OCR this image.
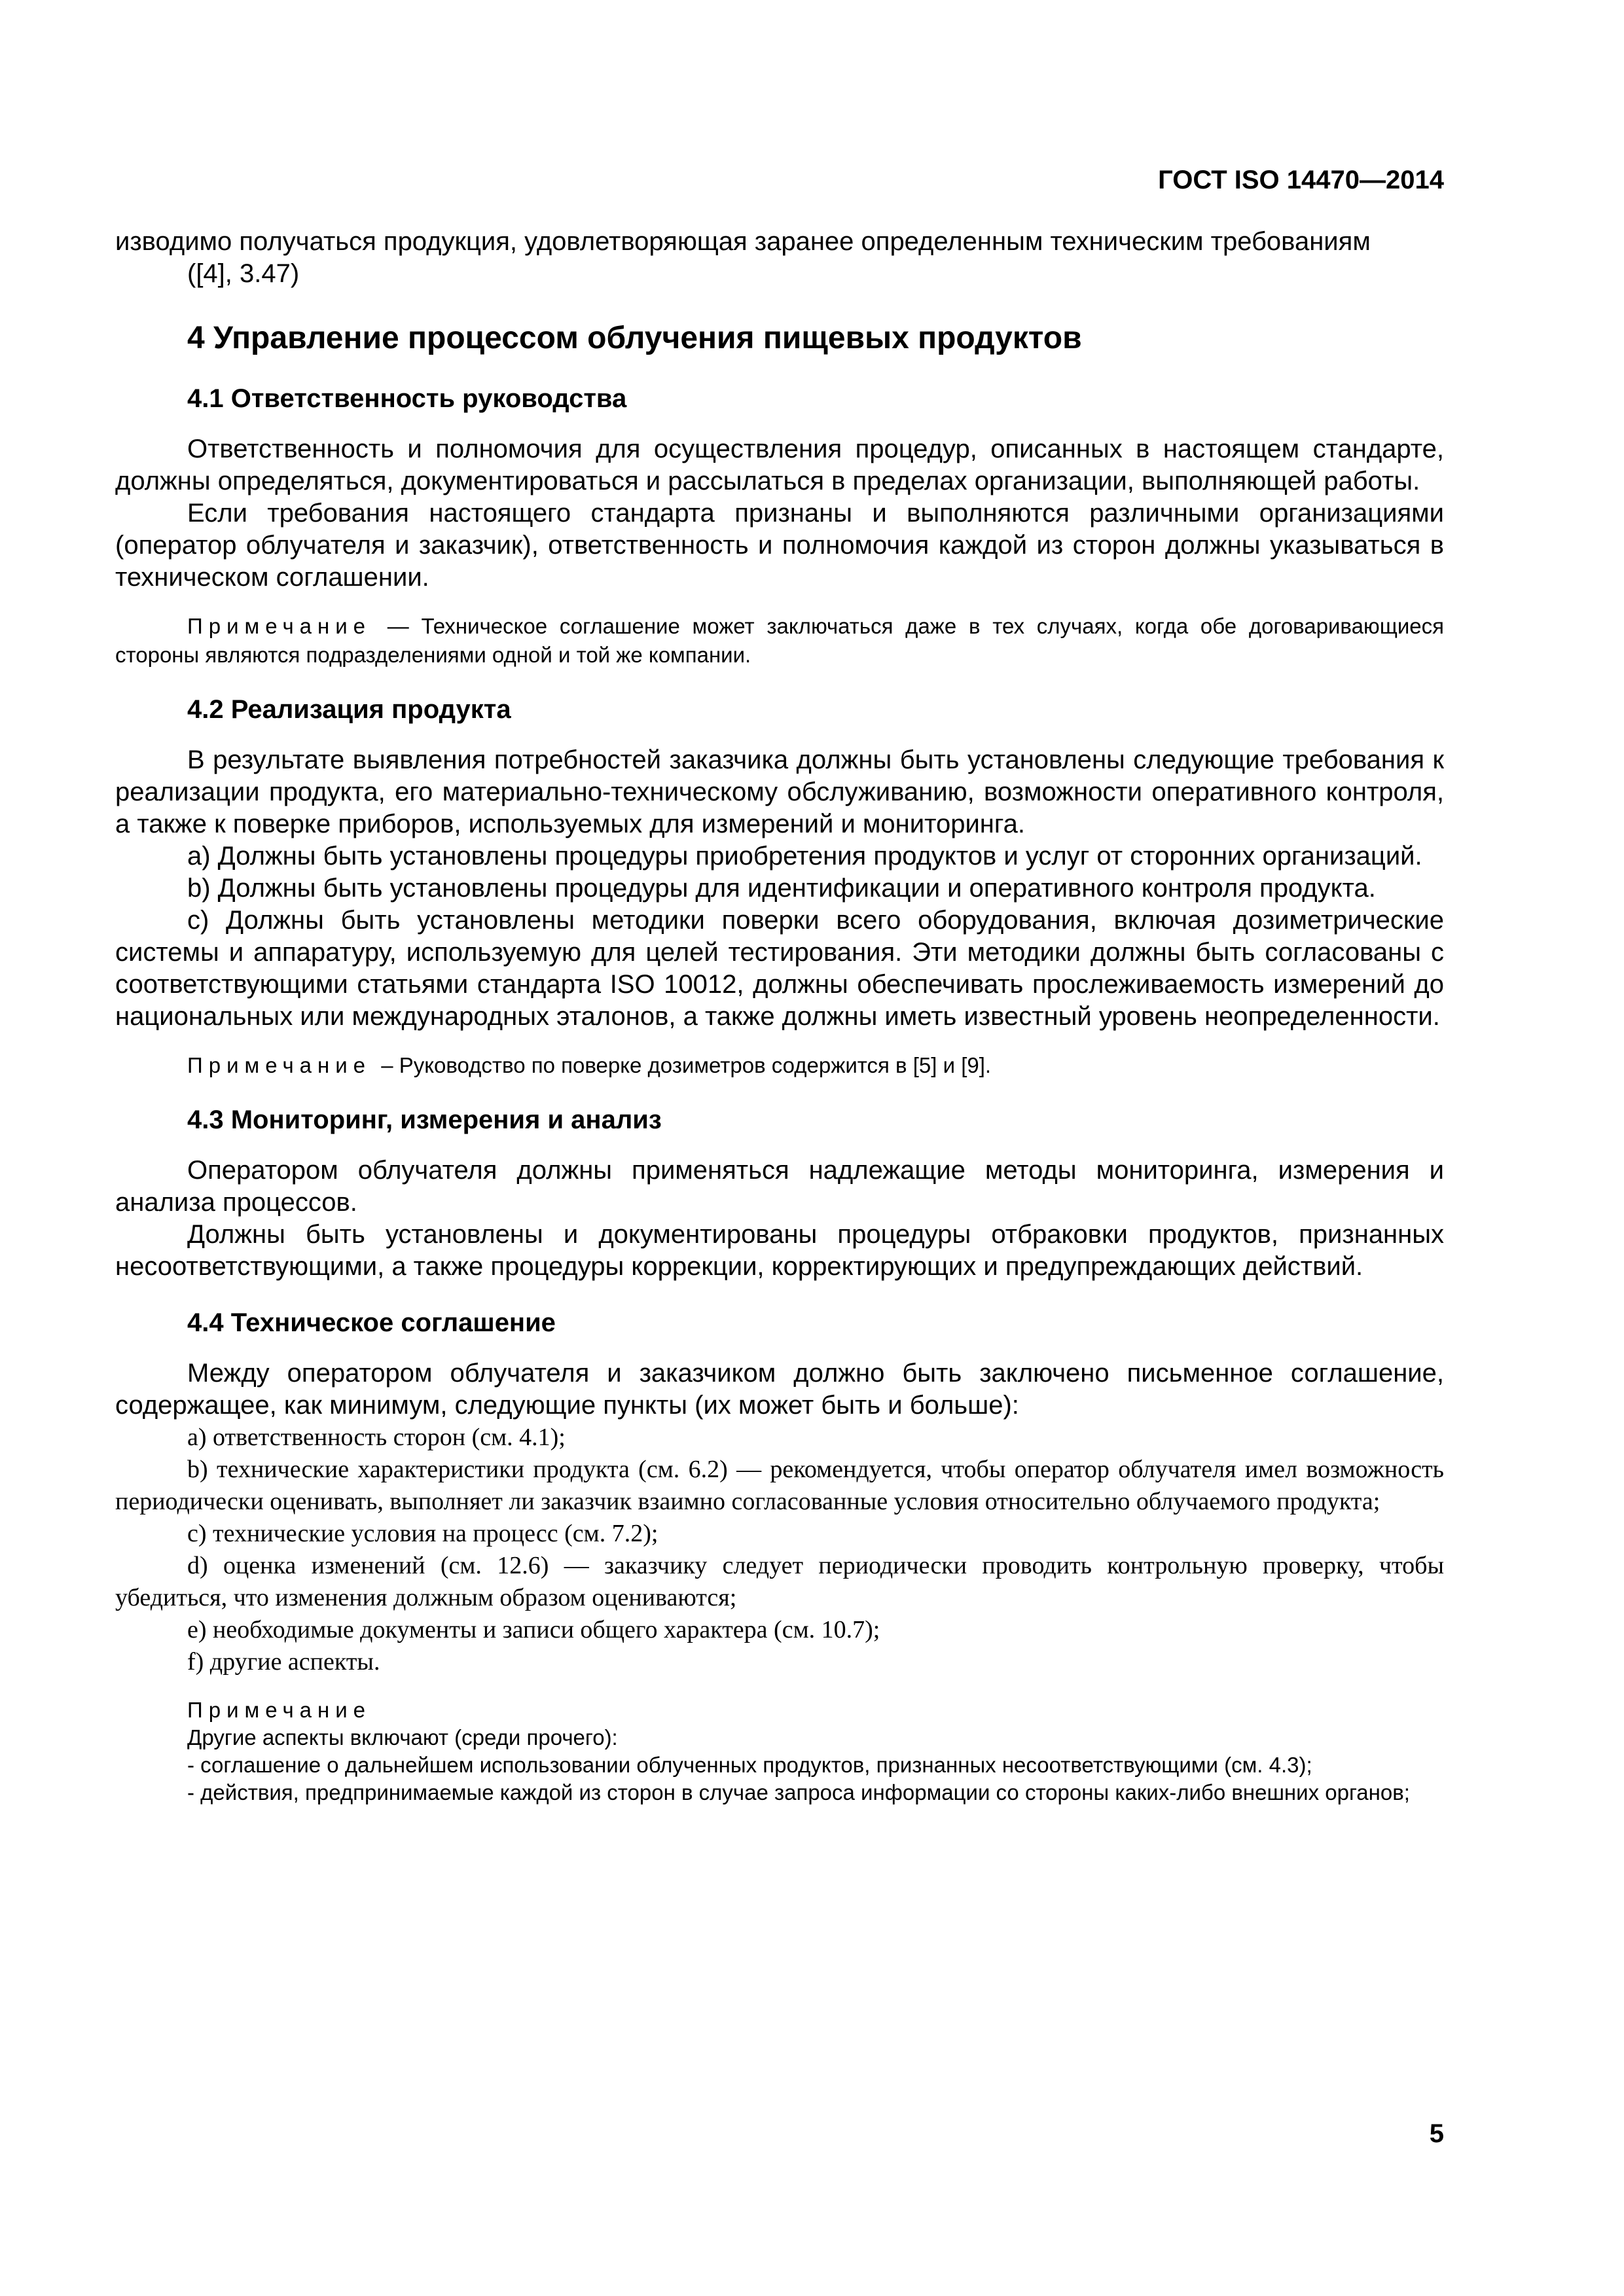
ГОСТ ISO 14470—2014

изводимо получаться продукция, удовлетворяющая заранее определенным техническим требованиям

([4], 3.47)

4 Управление процессом облучения пищевых продуктов
4.1 Ответственность руководства

Ответственность и полномочия для осуществления процедур, описанных в настоящем стандарте, должны определяться, документироваться и рассылаться в пределах организации, выполняющей работы.

Если требования настоящего стандарта признаны и выполняются различными организациями (оператор облучателя и заказчик), ответственность и полномочия каждой из сторон должны указываться в техническом соглашении.

Примечание — Техническое соглашение может заключаться даже в тех случаях, когда обе договаривающиеся стороны являются подразделениями одной и той же компании.
4.2 Реализация продукта

В результате выявления потребностей заказчика должны быть установлены следующие требования к реализации продукта, его материально-техническому обслуживанию, возможности оперативного контроля, а также к поверке приборов, используемых для измерений и мониторинга.

a) Должны быть установлены процедуры приобретения продуктов и услуг от сторонних организаций.

b) Должны быть установлены процедуры для идентификации и оперативного контроля продукта.

c) Должны быть установлены методики поверки всего оборудования, включая дозиметрические системы и аппаратуру, используемую для целей тестирования. Эти методики должны быть согласованы с соответствующими статьями стандарта ISO 10012, должны обеспечивать прослеживаемость измерений до национальных или международных эталонов, а также должны иметь известный уровень неопределенности.

Примечание – Руководство по поверке дозиметров содержится в [5] и [9].
4.3 Мониторинг, измерения и анализ

Оператором облучателя должны применяться надлежащие методы мониторинга, измерения и анализа процессов.

Должны быть установлены и документированы процедуры отбраковки продуктов, признанных несоответствующими, а также процедуры коррекции, корректирующих и предупреждающих действий.

4.4 Техническое соглашение

Между оператором облучателя и заказчиком должно быть заключено письменное соглашение, содержащее, как минимум, следующие пункты (их может быть и больше):

а) ответственность сторон (см. 4.1);

b) технические характеристики продукта (см. 6.2) — рекомендуется, чтобы оператор облучателя имел возможность периодически оценивать, выполняет ли заказчик взаимно согласованные условия относительно облучаемого продукта;

с) технические условия на процесс (см. 7.2);

d) оценка изменений (см. 12.6) — заказчику следует периодически проводить контрольную проверку, чтобы убедиться, что изменения должным образом оцениваются;

е) необходимые документы и записи общего характера (см. 10.7);

f) другие аспекты.

Примечание
Другие аспекты включают (среди прочего):
- соглашение о дальнейшем использовании облученных продуктов, признанных несоответствующими (см. 4.3);
- действия, предпринимаемые каждой из сторон в случае запроса информации со стороны каких-либо внешних органов;
5
